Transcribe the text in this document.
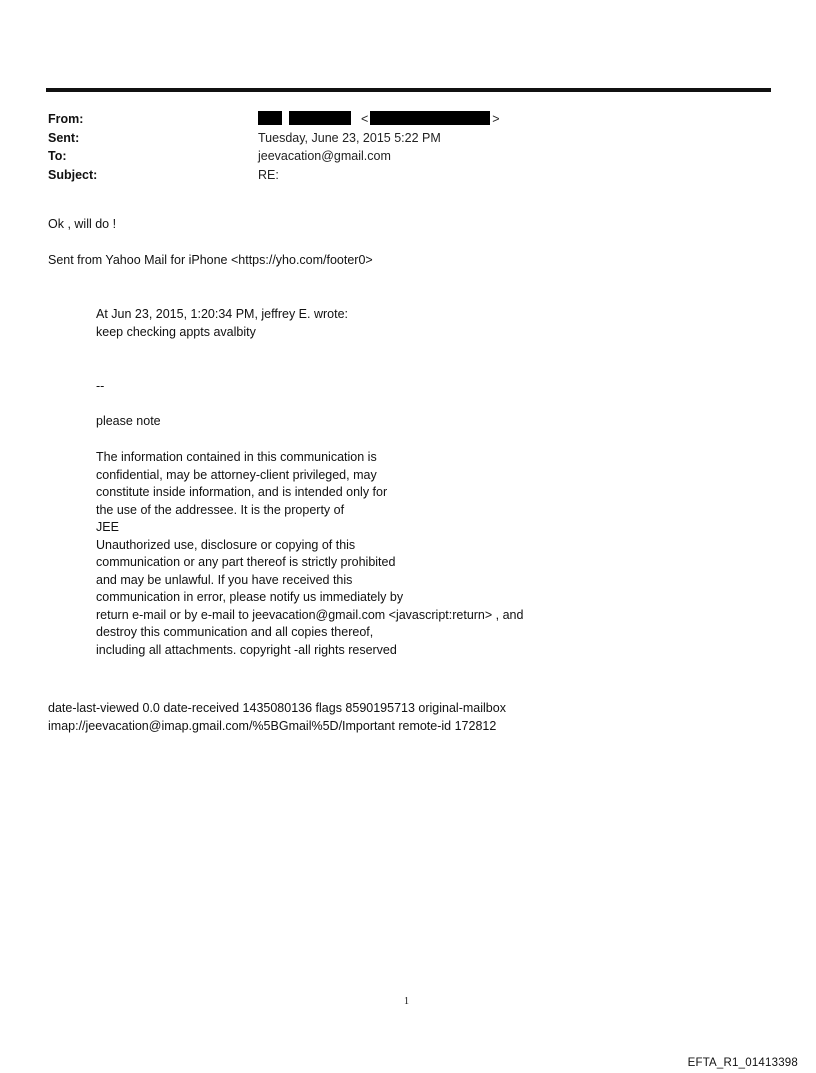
From:	<	>
Sent:	Tuesday, June 23, 2015 5:22 PM
To:	jeevacation@gmail.com
Subject:	RE:
Ok , will do !
Sent from Yahoo Mail for iPhone <https://yho.com/footer0>
At Jun 23, 2015, 1:20:34 PM, jeffrey E. wrote:
keep checking appts avalbity
--
please note
The information contained in this communication is
confidential, may be attorney-client privileged, may
constitute inside information, and is intended only for
the use of the addressee. It is the property of
JEE
Unauthorized use, disclosure or copying of this
communication or any part thereof is strictly prohibited
and may be unlawful. If you have received this
communication in error, please notify us immediately by
return e-mail or by e-mail to jeevacation@gmail.com <javascript:return> , and
destroy this communication and all copies thereof,
including all attachments. copyright -all rights reserved
date-last-viewed 0.0 date-received 1435080136 flags 8590195713 original-mailbox
imap://jeevacation@imap.gmail.com/%5BGmail%5D/Important remote-id 172812
1
EFTA_R1_01413398
